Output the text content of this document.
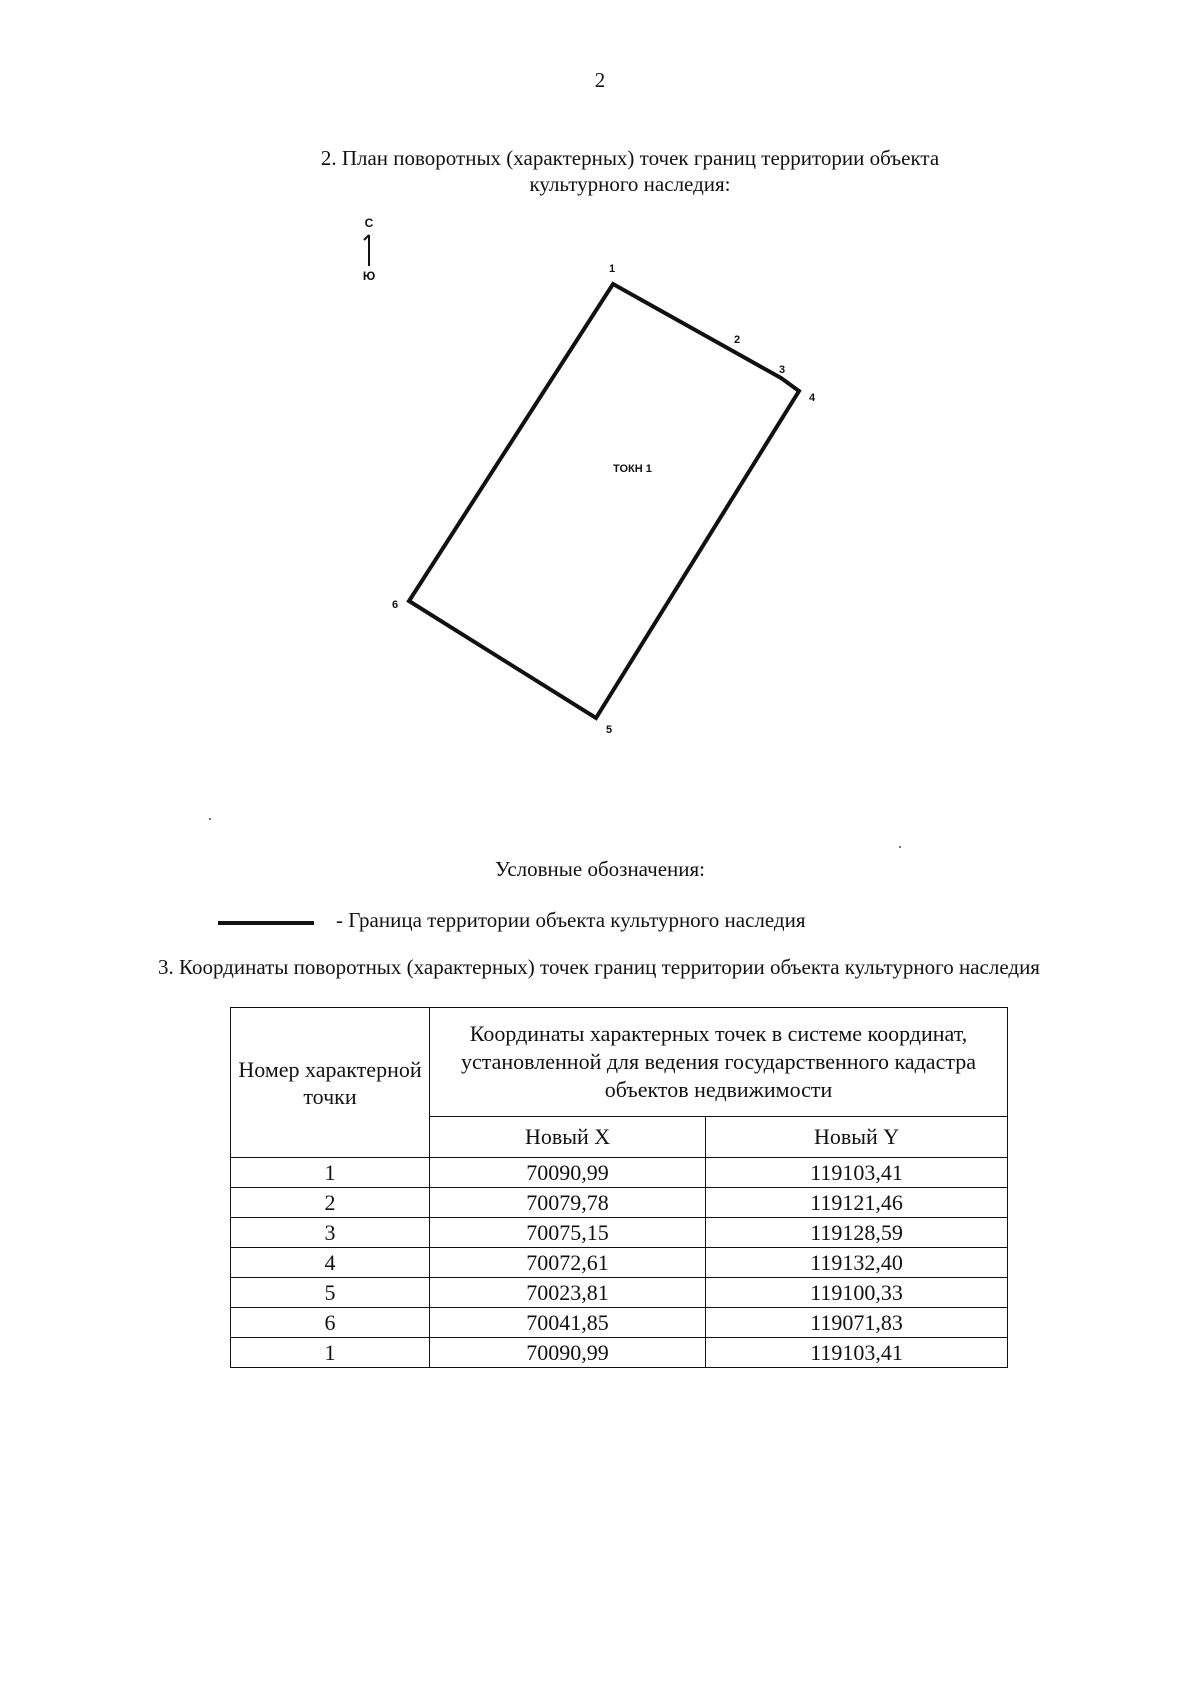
2
2. План поворотных (характерных) точек границ территории объекта
культурного наследия:
С
Ю	1
2
3
4
5
6
ТОКН 1
Условные обозначения:
- Граница территории объекта культурного наследия
3. Координаты поворотных (характерных) точек границ территории объекта культурного наследия
Номер характерной точки	Координаты характерных точек в системе координат, установленной для ведения государственного кадастра объектов недвижимости	
	Новый X	Новый Y
1	70090,99	119103,41
2	70079,78	119121,46
3	70075,15	119128,59
4	70072,61	119132,40
5	70023,81	119100,33
6	70041,85	119071,83
1	70090,99	119103,41
